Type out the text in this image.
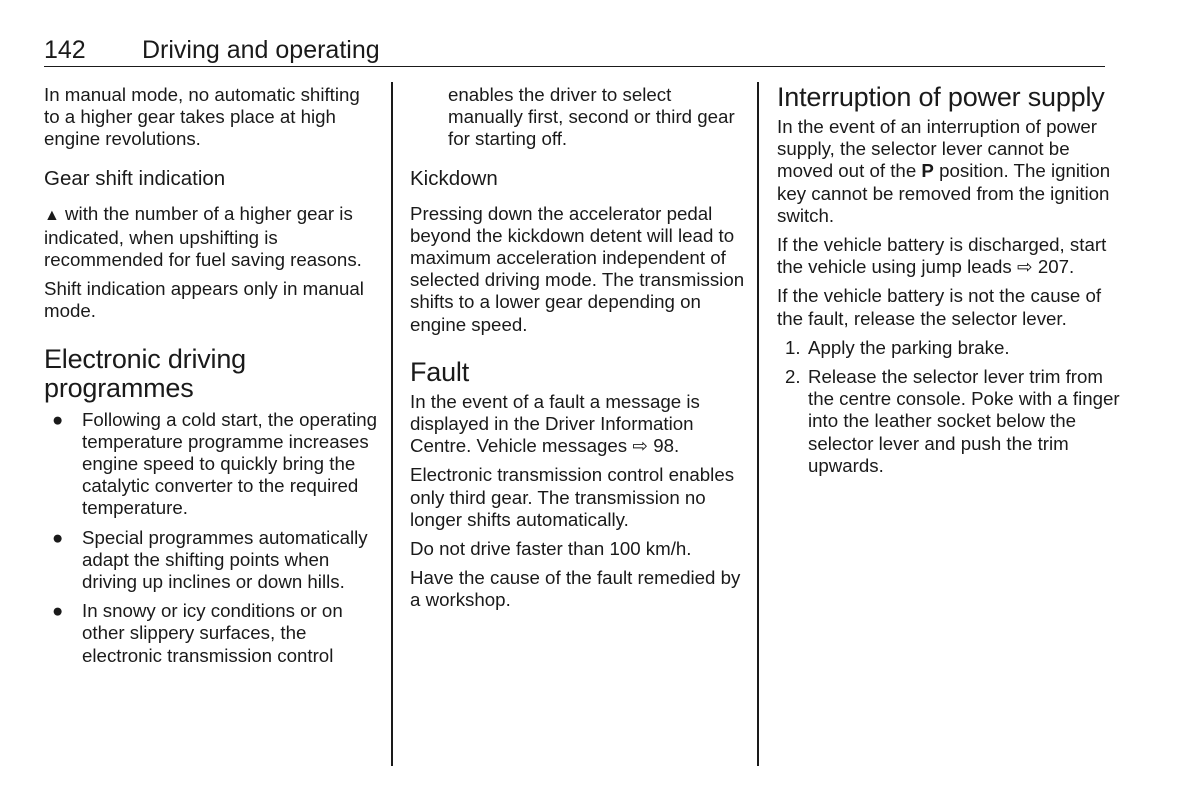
142 Driving and operating

In manual mode, no automatic shifting to a higher gear takes place at high engine revolutions.

Gear shift indication

▲ with the number of a higher gear is indicated, when upshifting is recommended for fuel saving reasons.

Shift indication appears only in manual mode.

Electronic driving programmes
● Following a cold start, the operating temperature programme increases engine speed to quickly bring the catalytic converter to the required temperature.
● Special programmes automatically adapt the shifting points when driving up inclines or down hills.
● In snowy or icy conditions or on other slippery surfaces, the electronic transmission control

enables the driver to select manually first, second or third gear for starting off.

Kickdown

Pressing down the accelerator pedal beyond the kickdown detent will lead to maximum acceleration independent of selected driving mode. The transmission shifts to a lower gear depending on engine speed.

Fault

In the event of a fault a message is displayed in the Driver Information Centre. Vehicle messages ⇨ 98.

Electronic transmission control enables only third gear. The transmission no longer shifts automatically.

Do not drive faster than 100 km/h.

Have the cause of the fault remedied by a workshop.

Interruption of power supply

In the event of an interruption of power supply, the selector lever cannot be moved out of the P position. The ignition key cannot be removed from the ignition switch.

If the vehicle battery is discharged, start the vehicle using jump leads ⇨ 207.

If the vehicle battery is not the cause of the fault, release the selector lever.

1. Apply the parking brake.
2. Release the selector lever trim from the centre console. Poke with a finger into the leather socket below the selector lever and push the trim upwards.
